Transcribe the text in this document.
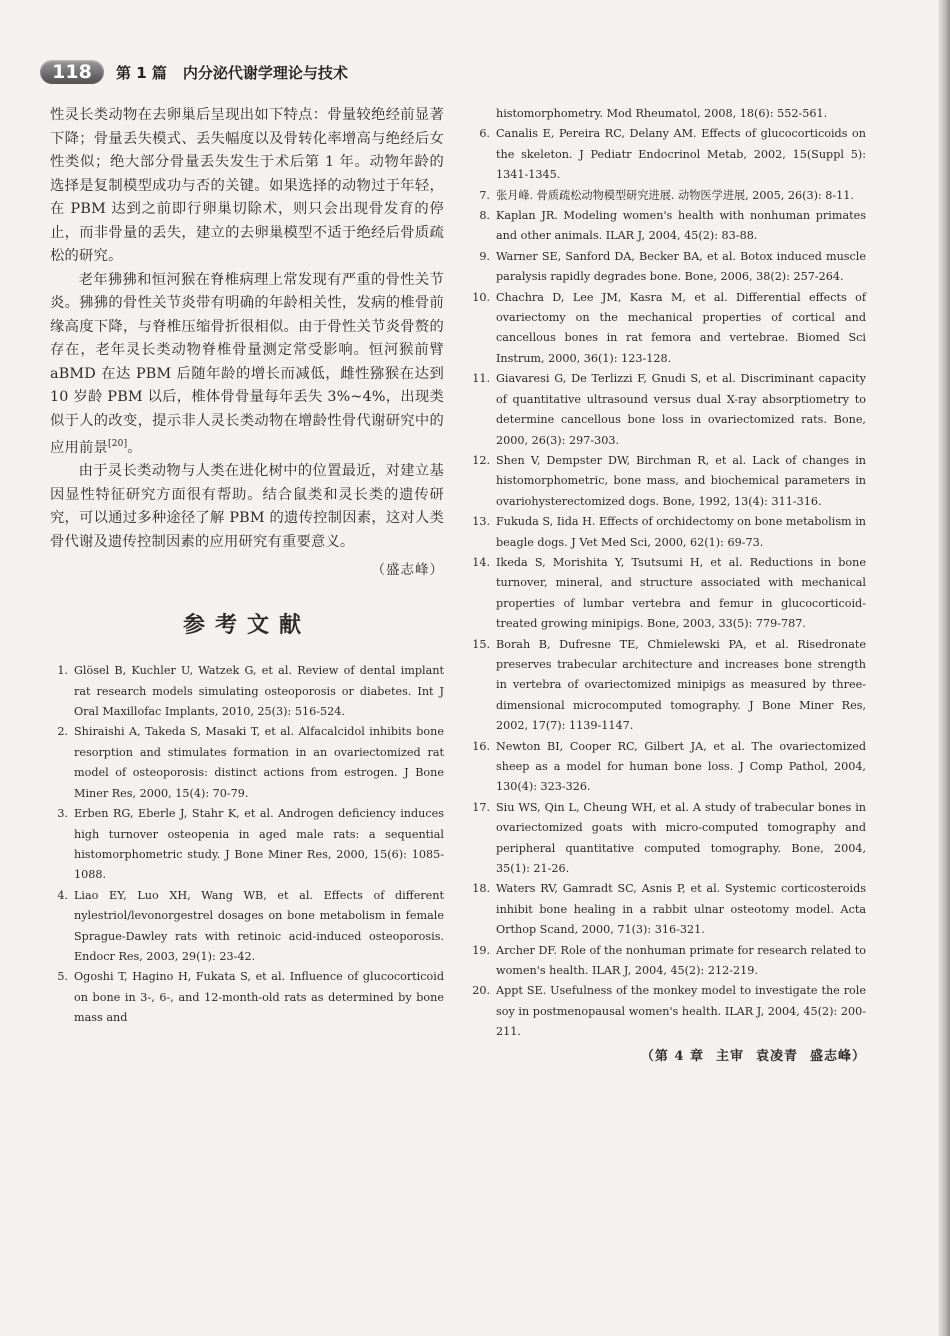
118	第 1 篇 内分泌代谢学理论与技术

性灵长类动物在去卵巢后呈现出如下特点：骨量较绝经前显著下降；骨量丢失模式、丢失幅度以及骨转化率增高与绝经后女性类似；绝大部分骨量丢失发生于术后第 1 年。动物年龄的选择是复制模型成功与否的关键。如果选择的动物过于年轻，在 PBM 达到之前即行卵巢切除术，则只会出现骨发育的停止，而非骨量的丢失，建立的去卵巢模型不适于绝经后骨质疏松的研究。

老年狒狒和恒河猴在脊椎病理上常发现有严重的骨性关节炎。狒狒的骨性关节炎带有明确的年龄相关性，发病的椎骨前缘高度下降，与脊椎压缩骨折很相似。由于骨性关节炎骨赘的存在，老年灵长类动物脊椎骨量测定常受影响。恒河猴前臂 aBMD 在达 PBM 后随年龄的增长而减低，雌性猕猴在达到 10 岁龄 PBM 以后，椎体骨骨量每年丢失 3%~4%，出现类似于人的改变，提示非人灵长类动物在增龄性骨代谢研究中的应用前景[20]。

由于灵长类动物与人类在进化树中的位置最近，对建立基因显性特征研究方面很有帮助。结合鼠类和灵长类的遗传研究，可以通过多种途径了解 PBM 的遗传控制因素，这对人类骨代谢及遗传控制因素的应用研究有重要意义。

（盛志峰）
参考文献
1. Glösel B, Kuchler U, Watzek G, et al. Review of dental implant rat research models simulating osteoporosis or diabetes. Int J Oral Maxillofac Implants, 2010, 25(3): 516-524.
2. Shiraishi A, Takeda S, Masaki T, et al. Alfacalcidol inhibits bone resorption and stimulates formation in an ovariectomized rat model of osteoporosis: distinct actions from estrogen. J Bone Miner Res, 2000, 15(4): 70-79.
3. Erben RG, Eberle J, Stahr K, et al. Androgen deficiency induces high turnover osteopenia in aged male rats: a sequential histomorphometric study. J Bone Miner Res, 2000, 15(6): 1085-1088.
4. Liao EY, Luo XH, Wang WB, et al. Effects of different nylestriol/levonorgestrel dosages on bone metabolism in female Sprague-Dawley rats with retinoic acid-induced osteoporosis. Endocr Res, 2003, 29(1): 23-42.
5. Ogoshi T, Hagino H, Fukata S, et al. Influence of glucocorticoid on bone in 3-, 6-, and 12-month-old rats as determined by bone mass and

histomorphometry. Mod Rheumatol, 2008, 18(6): 552-561.

6. Canalis E, Pereira RC, Delany AM. Effects of glucocorticoids on the skeleton. J Pediatr Endocrinol Metab, 2002, 15(Suppl 5): 1341-1345.
7. 张月峰. 骨质疏松动物模型研究进展. 动物医学进展, 2005, 26(3): 8-11.
8. Kaplan JR. Modeling women's health with nonhuman primates and other animals. ILAR J, 2004, 45(2): 83-88.
9. Warner SE, Sanford DA, Becker BA, et al. Botox induced muscle paralysis rapidly degrades bone. Bone, 2006, 38(2): 257-264.
10. Chachra D, Lee JM, Kasra M, et al. Differential effects of ovariectomy on the mechanical properties of cortical and cancellous bones in rat femora and vertebrae. Biomed Sci Instrum, 2000, 36(1): 123-128.
11. Giavaresi G, De Terlizzi F, Gnudi S, et al. Discriminant capacity of quantitative ultrasound versus dual X-ray absorptiometry to determine cancellous bone loss in ovariectomized rats. Bone, 2000, 26(3): 297-303.
12. Shen V, Dempster DW, Birchman R, et al. Lack of changes in histomorphometric, bone mass, and biochemical parameters in ovariohysterectomized dogs. Bone, 1992, 13(4): 311-316.
13. Fukuda S, Iida H. Effects of orchidectomy on bone metabolism in beagle dogs. J Vet Med Sci, 2000, 62(1): 69-73.
14. Ikeda S, Morishita Y, Tsutsumi H, et al. Reductions in bone turnover, mineral, and structure associated with mechanical properties of lumbar vertebra and femur in glucocorticoid-treated growing minipigs. Bone, 2003, 33(5): 779-787.
15. Borah B, Dufresne TE, Chmielewski PA, et al. Risedronate preserves trabecular architecture and increases bone strength in vertebra of ovariectomized minipigs as measured by three-dimensional microcomputed tomography. J Bone Miner Res, 2002, 17(7): 1139-1147.
16. Newton BI, Cooper RC, Gilbert JA, et al. The ovariectomized sheep as a model for human bone loss. J Comp Pathol, 2004, 130(4): 323-326.
17. Siu WS, Qin L, Cheung WH, et al. A study of trabecular bones in ovariectomized goats with micro-computed tomography and peripheral quantitative computed tomography. Bone, 2004, 35(1): 21-26.
18. Waters RV, Gamradt SC, Asnis P, et al. Systemic corticosteroids inhibit bone healing in a rabbit ulnar osteotomy model. Acta Orthop Scand, 2000, 71(3): 316-321.
19. Archer DF. Role of the nonhuman primate for research related to women's health. ILAR J, 2004, 45(2): 212-219.
20. Appt SE. Usefulness of the monkey model to investigate the role soy in postmenopausal women's health. ILAR J, 2004, 45(2): 200-211.
（第 4 章 主审 袁凌青 盛志峰）
